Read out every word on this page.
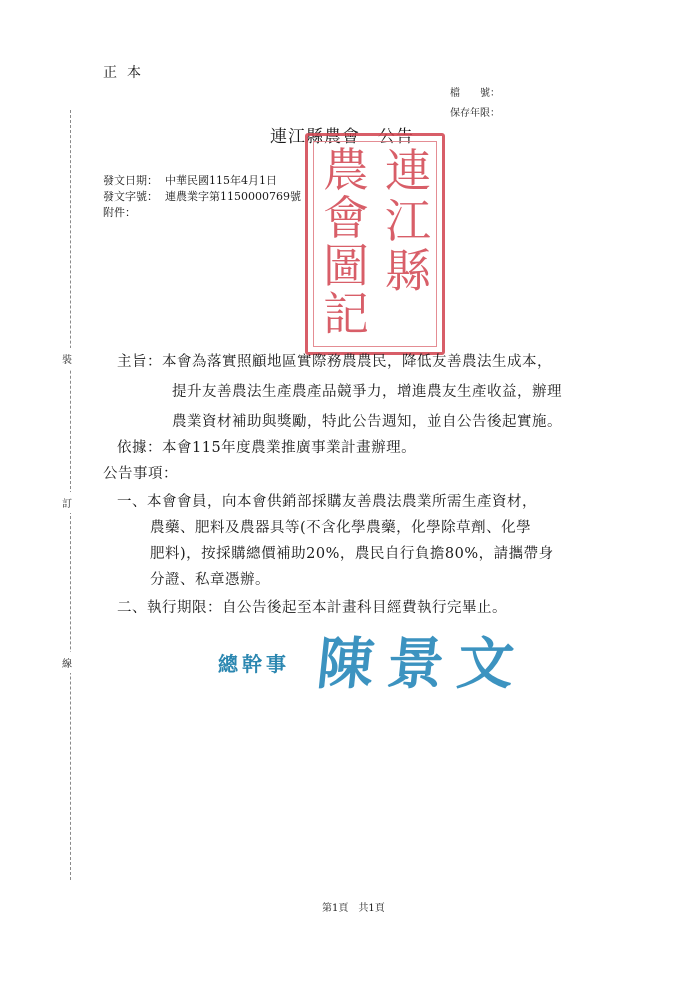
正本
檔　　號：
保存年限：
裝
訂
線
連江縣農會　公告
發文日期： 中華民國115年4月1日
發文字號： 連農業字第1150000769號
附件：
連
江
縣
農
會
圖
記
主旨：本會為落實照顧地區實際務農農民，降低友善農法生成本，
提升友善農法生產農產品競爭力，增進農友生產收益，辦理
農業資材補助與獎勵，特此公告週知，並自公告後起實施。
依據：本會115年度農業推廣事業計畫辦理。
公告事項：
一、本會會員，向本會供銷部採購友善農法農業所需生產資材，
農藥、肥料及農器具等(不含化學農藥，化學除草劑、化學
肥料)，按採購總價補助20%，農民自行負擔80%，請攜帶身
分證、私章憑辦。
二、執行期限：自公告後起至本計畫科目經費執行完畢止。
總幹事 陳景文
第1頁　共1頁
